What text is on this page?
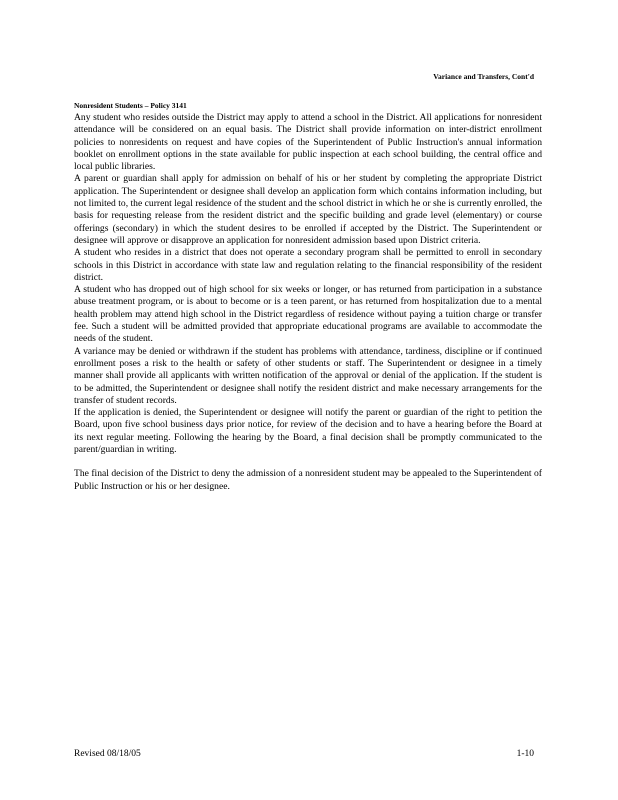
Variance and Transfers, Cont'd
Nonresident Students – Policy 3141

Any student who resides outside the District may apply to attend a school in the District. All applications for nonresident attendance will be considered on an equal basis. The District shall provide information on inter-district enrollment policies to nonresidents on request and have copies of the Superintendent of Public Instruction's annual information booklet on enrollment options in the state available for public inspection at each school building, the central office and local public libraries.

A parent or guardian shall apply for admission on behalf of his or her student by completing the appropriate District application. The Superintendent or designee shall develop an application form which contains information including, but not limited to, the current legal residence of the student and the school district in which he or she is currently enrolled, the basis for requesting release from the resident district and the specific building and grade level (elementary) or course offerings (secondary) in which the student desires to be enrolled if accepted by the District. The Superintendent or designee will approve or disapprove an application for nonresident admission based upon District criteria.

A student who resides in a district that does not operate a secondary program shall be permitted to enroll in secondary schools in this District in accordance with state law and regulation relating to the financial responsibility of the resident district.

A student who has dropped out of high school for six weeks or longer, or has returned from participation in a substance abuse treatment program, or is about to become or is a teen parent, or has returned from hospitalization due to a mental health problem may attend high school in the District regardless of residence without paying a tuition charge or transfer fee. Such a student will be admitted provided that appropriate educational programs are available to accommodate the needs of the student.

A variance may be denied or withdrawn if the student has problems with attendance, tardiness, discipline or if continued enrollment poses a risk to the health or safety of other students or staff. The Superintendent or designee in a timely manner shall provide all applicants with written notification of the approval or denial of the application. If the student is to be admitted, the Superintendent or designee shall notify the resident district and make necessary arrangements for the transfer of student records.

If the application is denied, the Superintendent or designee will notify the parent or guardian of the right to petition the Board, upon five school business days prior notice, for review of the decision and to have a hearing before the Board at its next regular meeting. Following the hearing by the Board, a final decision shall be promptly communicated to the parent/guardian in writing.

The final decision of the District to deny the admission of a nonresident student may be appealed to the Superintendent of Public Instruction or his or her designee.

Revised 08/18/05	1-10
